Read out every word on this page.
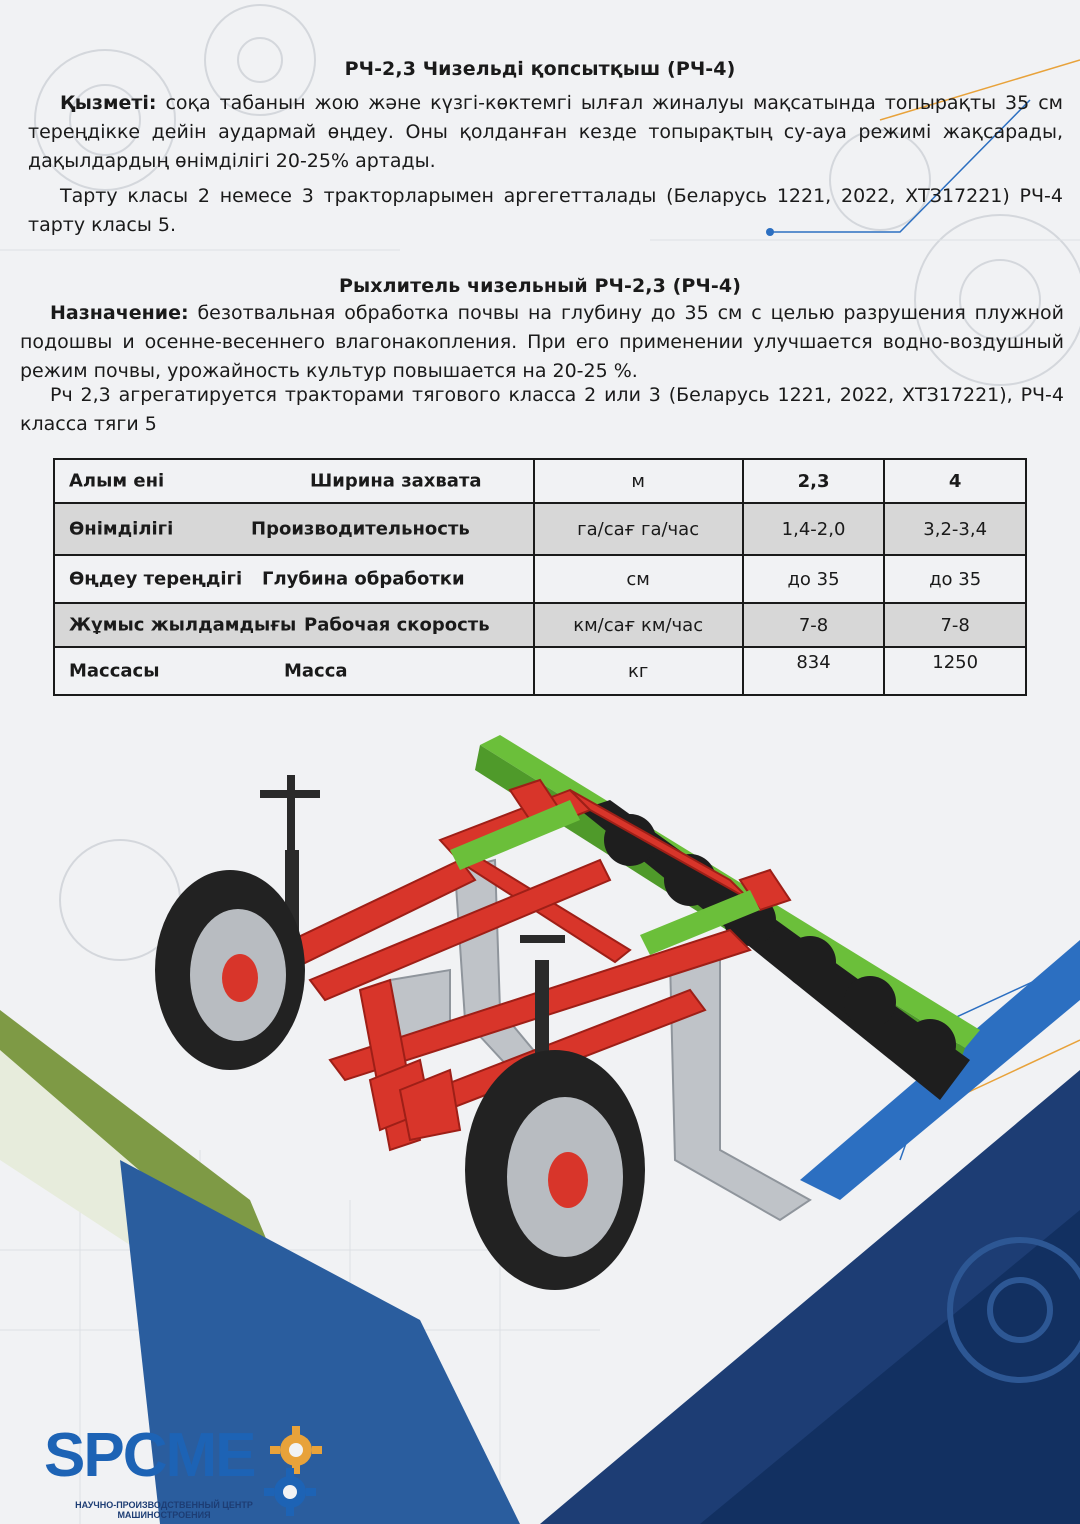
РЧ-2,3 Чизельді қопсытқыш (РЧ-4)

Қызметі: соқа табанын жою және күзгі-көктемгі ылғал жиналуы мақсатында топырақты 35 см тереңдікке дейін аудармай өңдеу. Оны қолданған кезде топырақтың су-ауа режимі жақсарады, дақылдардың өнімділігі 20-25% артады.

Тарту класы 2 немесе 3 тракторларымен аргегетталады (Беларусь 1221, 2022, ХТЗ17221) РЧ-4 тарту класы 5.

Рыхлитель чизельный РЧ-2,3 (РЧ-4)

Назначение: безотвальная обработка почвы на глубину до 35 см с целью разрушения плужной подошвы и осенне-весеннего влагонакопления. При его применении улучшается водно-воздушный режим почвы, урожайность культур повышается на 20-25 %.

Рч 2,3 агрегатируется тракторами тягового класса 2 или 3 (Беларусь 1221, 2022, ХТЗ17221), РЧ-4 класса тяги 5

Алым ені Ширина захвата	м	2,3	4

Өнімділігі Производительность	га/сағ га/час	1,4-2,0	3,2-3,4

Өңдеу тереңдігі Глубина обработки	см	до 35	до 35

Жұмыс жылдамдығы Рабочая скорость	км/сағ км/час	7-8	7-8

Массасы Масса	кг	834	1250
SPCME
НАУЧНО-ПРОИЗВОДСТВЕННЫЙ ЦЕНТР
МАШИНОСТРОЕНИЯ
